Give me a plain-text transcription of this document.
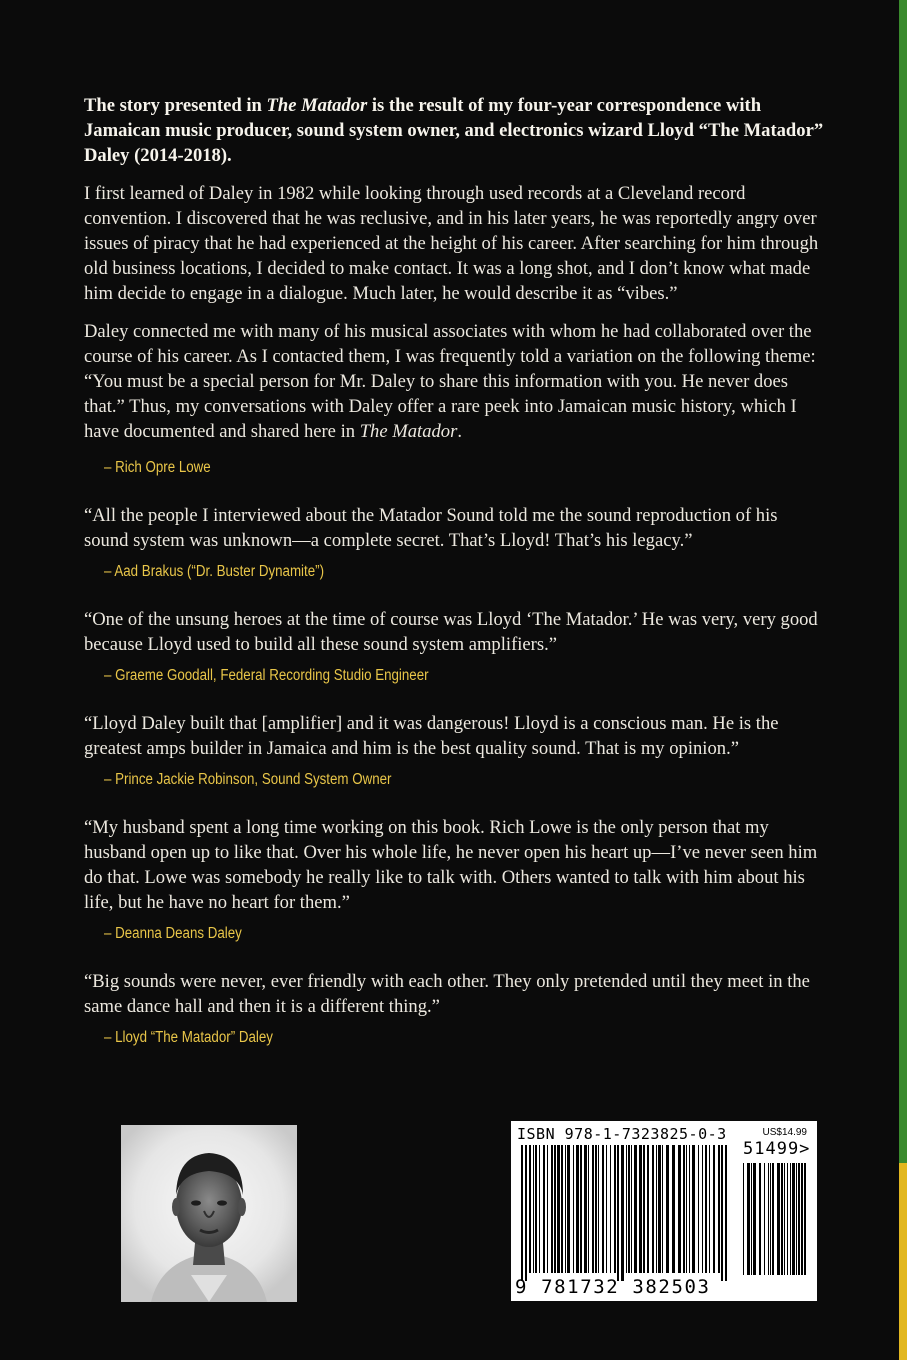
The story presented in The Matador is the result of my four-year correspondence with Jamaican music producer, sound system owner, and electronics wizard Lloyd “The Matador” Daley (2014-2018).

I first learned of Daley in 1982 while looking through used records at a Cleveland record convention. I discovered that he was reclusive, and in his later years, he was reportedly angry over issues of piracy that he had experienced at the height of his career. After searching for him through old business locations, I decided to make contact. It was a long shot, and I don’t know what made him decide to engage in a dialogue. Much later, he would describe it as “vibes.”

Daley connected me with many of his musical associates with whom he had collaborated over the course of his career. As I contacted them, I was frequently told a variation on the following theme: “You must be a special person for Mr. Daley to share this information with you. He never does that.” Thus, my conversations with Daley offer a rare peek into Jamaican music history, which I have documented and shared here in The Matador.

– Rich Opre Lowe

“All the people I interviewed about the Matador Sound told me the sound reproduction of his sound system was unknown—a complete secret. That’s Lloyd! That’s his legacy.”

– Aad Brakus (“Dr. Buster Dynamite”)

“One of the unsung heroes at the time of course was Lloyd ‘The Matador.’ He was very, very good because Lloyd used to build all these sound system amplifiers.”

– Graeme Goodall, Federal Recording Studio Engineer

“Lloyd Daley built that [amplifier] and it was dangerous! Lloyd is a conscious man. He is the greatest amps builder in Jamaica and him is the best quality sound. That is my opinion.”

– Prince Jackie Robinson, Sound System Owner

“My husband spent a long time working on this book. Rich Lowe is the only person that my husband open up to like that. Over his whole life, he never open his heart up—I’ve never seen him do that. Lowe was somebody he really like to talk with. Others wanted to talk with him about his life, but he have no heart for them.”

– Deanna Deans Daley

“Big sounds were never, ever friendly with each other. They only pretended until they meet in the same dance hall and then it is a different thing.”

– Lloyd “The Matador” Daley
ISBN 978-1-7323825-0-3	US$14.99
51499>
9 781732 382503
